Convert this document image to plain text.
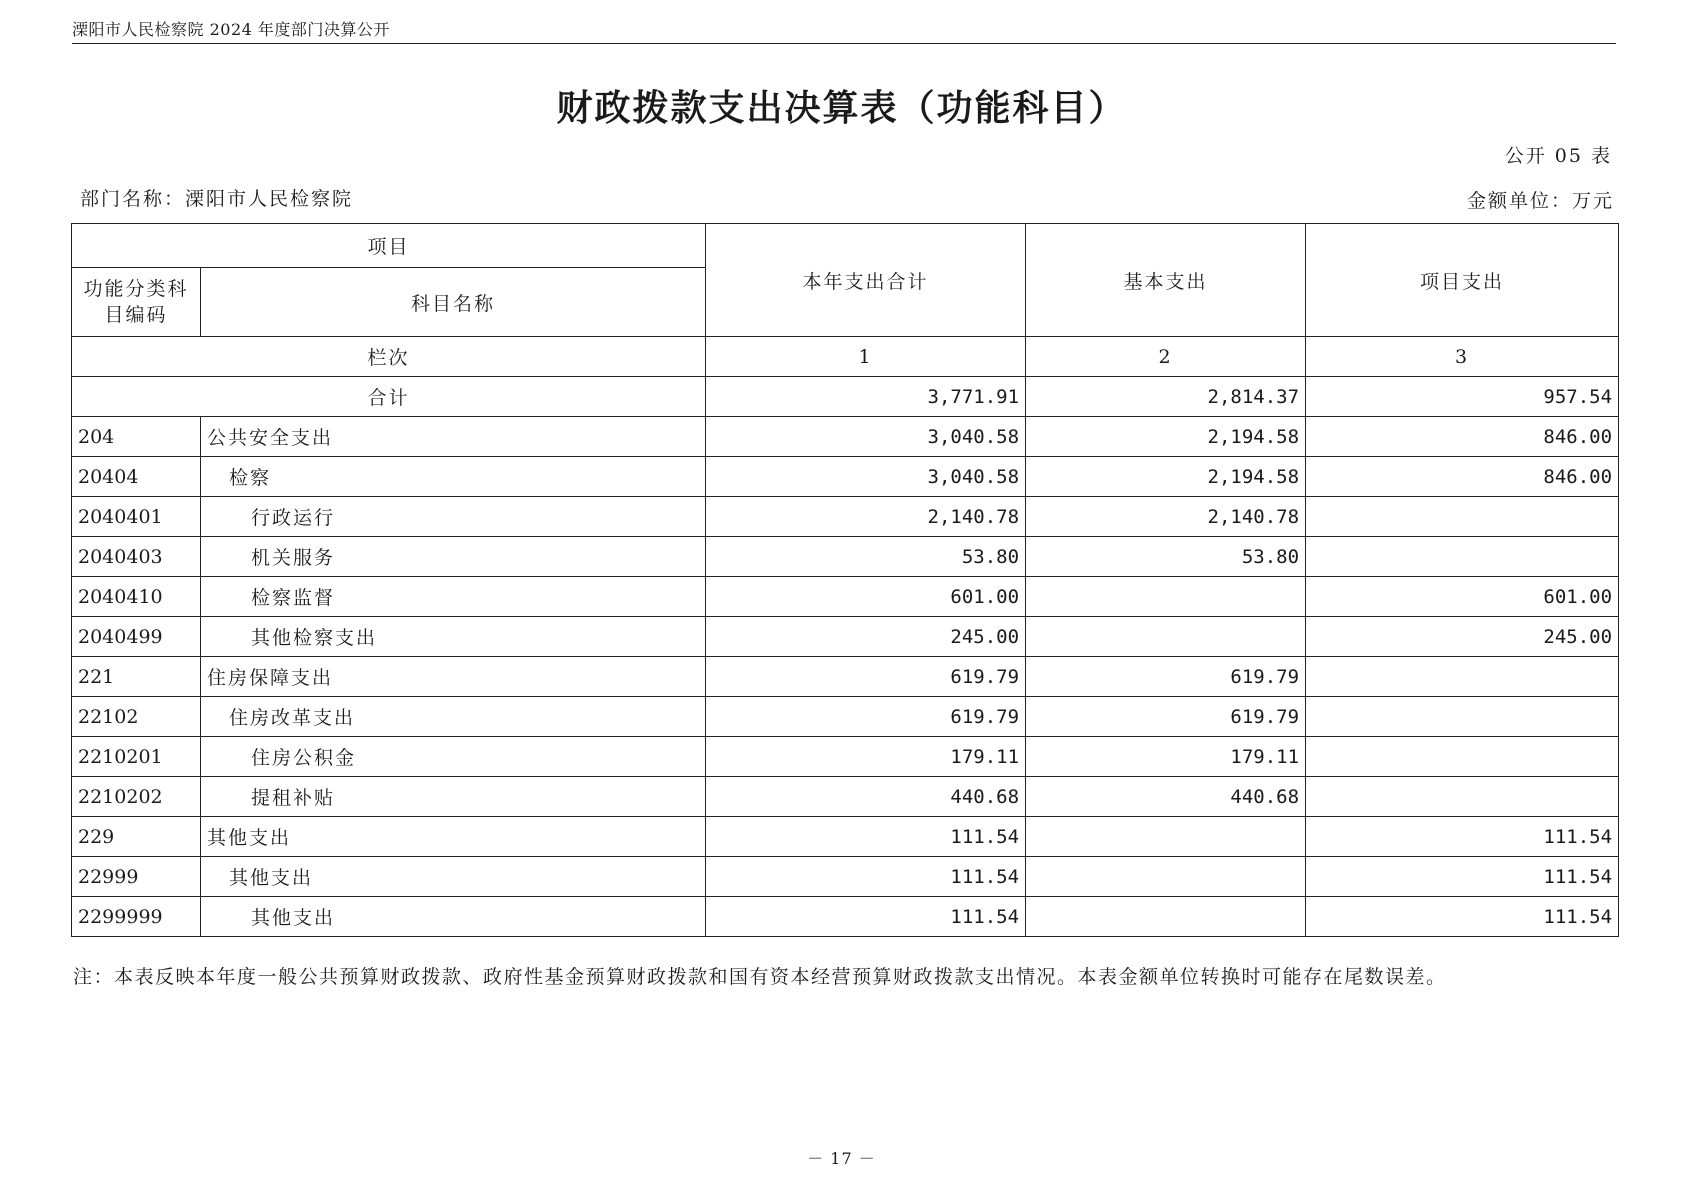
溧阳市人民检察院 2024 年度部门决算公开
财政拨款支出决算表（功能科目）
公开 05 表
部门名称：溧阳市人民检察院	金额单位：万元
项目		本年支出合计	基本支出	项目支出
功能分类科目编码	科目名称			
栏次		1	2	3
合计		3,771.91	2,814.37	957.54
204	公共安全支出	3,040.58	2,194.58	846.00
20404	检察	3,040.58	2,194.58	846.00
2040401	行政运行	2,140.78	2,140.78	
2040403	机关服务	53.80	53.80	
2040410	检察监督	601.00		601.00
2040499	其他检察支出	245.00		245.00
221	住房保障支出	619.79	619.79	
22102	住房改革支出	619.79	619.79	
2210201	住房公积金	179.11	179.11	
2210202	提租补贴	440.68	440.68	
229	其他支出	111.54		111.54
22999	其他支出	111.54		111.54
2299999	其他支出	111.54		111.54
注：本表反映本年度一般公共预算财政拨款、政府性基金预算财政拨款和国有资本经营预算财政拨款支出情况。本表金额单位转换时可能存在尾数误差。
－ 17 －
